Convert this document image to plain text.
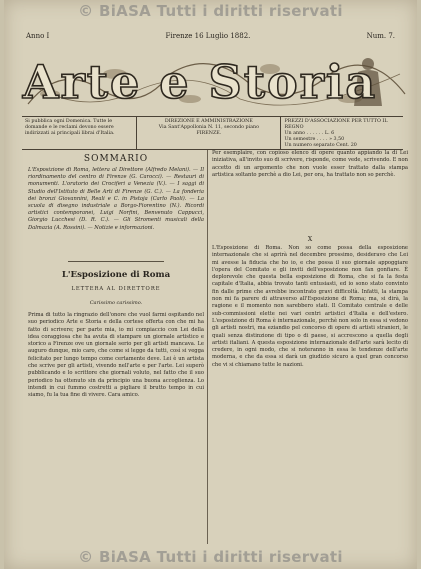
© BiASA Tutti i diritti riservati
Anno I	Firenze 16 Luglio 1882.	Num. 7.
Arte e Storia
Si pubblica ogni Domenica. Tutte le domande e le reclami devono essere indirizzati ai principali librai d'Italia.
DIREZIONE E AMMINISTRAZIONE
Via Sant'Appollonia N. 11, secondo piano
FIRENZE.
PREZZI D'ASSOCIAZIONE PER TUTTO IL REGNO
Un anno . . . . . . L. 6
Un semestre . . . . » 3,50
Un numero separato Cent. 20
SOMMARIO
L'Esposizione di Roma, lettera al Direttore (Alfredo Melani). — Il riordinamento del centro di Firenze (G. Carocci). — Restauri di monumenti. L'oratorio dei Crociferi a Venezia (V.). — I saggi di Studio dell'Istituto di Belle Arti di Firenze (G. C.). — La fonderia dei bronzi Giovannini, Reali e C. in Pistoja (Carlo Paoli). — La scuola di disegno industriale a Borgo-Fiorentino (N.). Ricordi artistici contemporanei, Luigi Norfini, Benvenuto Cappucci, Giorgio Lucchesi (D. R. C.). — Gli Stromenti musicali della Dalmazia (A. Rossini). — Notizie e informazioni.
L'Esposizione di Roma
LETTERA AL DIRETTORE
Carissimo carissimo.
Prima di tutto la ringrazio dell'onore che vuol farmi ospitando nel suo periodico Arte e Storia e della cortese offerta con che mi ha fatto di scrivere; per parte mia, io mi compiaccio con Lei della idea coraggiosa che ha avuta di stampare un giornale artistico e storico a Firenze ove un giornale serio per gli artisti mancava. Le auguro dunque, mio caro, che come si legge da tutti, così si vegga felicitato per lungo tempo come certamente deve. Lei è un artista che scrive per gli artisti, vivendo nell'arte e per l'arte. Lei superò pubblicando e lo scrittore che giornali voluto, nel fatto che il suo periodico ha ottenuto sin da principio una buona accoglienza. Lo intendi in cui fummo costretti a pigliare il brutto tempo in cui siamo, fu la tua fine di vivere. Cara amico.
Per esemplaire, con copioso elenco di opere quanto appiando la di Lei iniziativa, all'invito suo di scrivere, risponde, come vede, scrivendo. E non accetto di un argomento che non vuole esser trattato dalla stampa artistica soltanto perchè a dio Lei, per ora, ha trattato non so perchè.
X
L'Esposizione di Roma. Non so come possa della esposizione internazionale che si aprirà nel decembre prossimo, desideravo che Lei mi avesse la fiducia che ho io, e che possa il suo giornale appoggiare l'opera del Comitato e gli inviti dell'esposizione non fan gonfiare. È deplorevole che questa bella esposizione di Roma, che si fa la festa capitale d'Italia, abbia trovato tanti entusiasti, ed io sono stato convinto fin dalle prime che avrebbe incontrato gravi difficoltà. Infatti, la stampa non mi fa parere di attraverso all'Esposizione di Roma; ma, si dirà, la ragione e il momento non sarebbero stati. Il Comitato centrale e delle sub-commissioni elette nei vari centri artistici d'Italia e dell'estero. L'esposizione di Roma è internazionale, perchè non solo in essa si vedono gli artisti nostri, ma eziandio pel concorso di opere di artisti stranieri, le quali senza distinzione di tipo o di paese, si accrescono a quella degli artisti italiani. A questa esposizione internazionale dell'arte sarà lecito di credere, in ogni modo, che si noteranno in essa le tendenze dell'arte moderna, e che da essa si darà un giudizio sicuro a quel gran concorso che vi si chiamano tutte le nazioni.
© BiASA Tutti i diritti riservati
